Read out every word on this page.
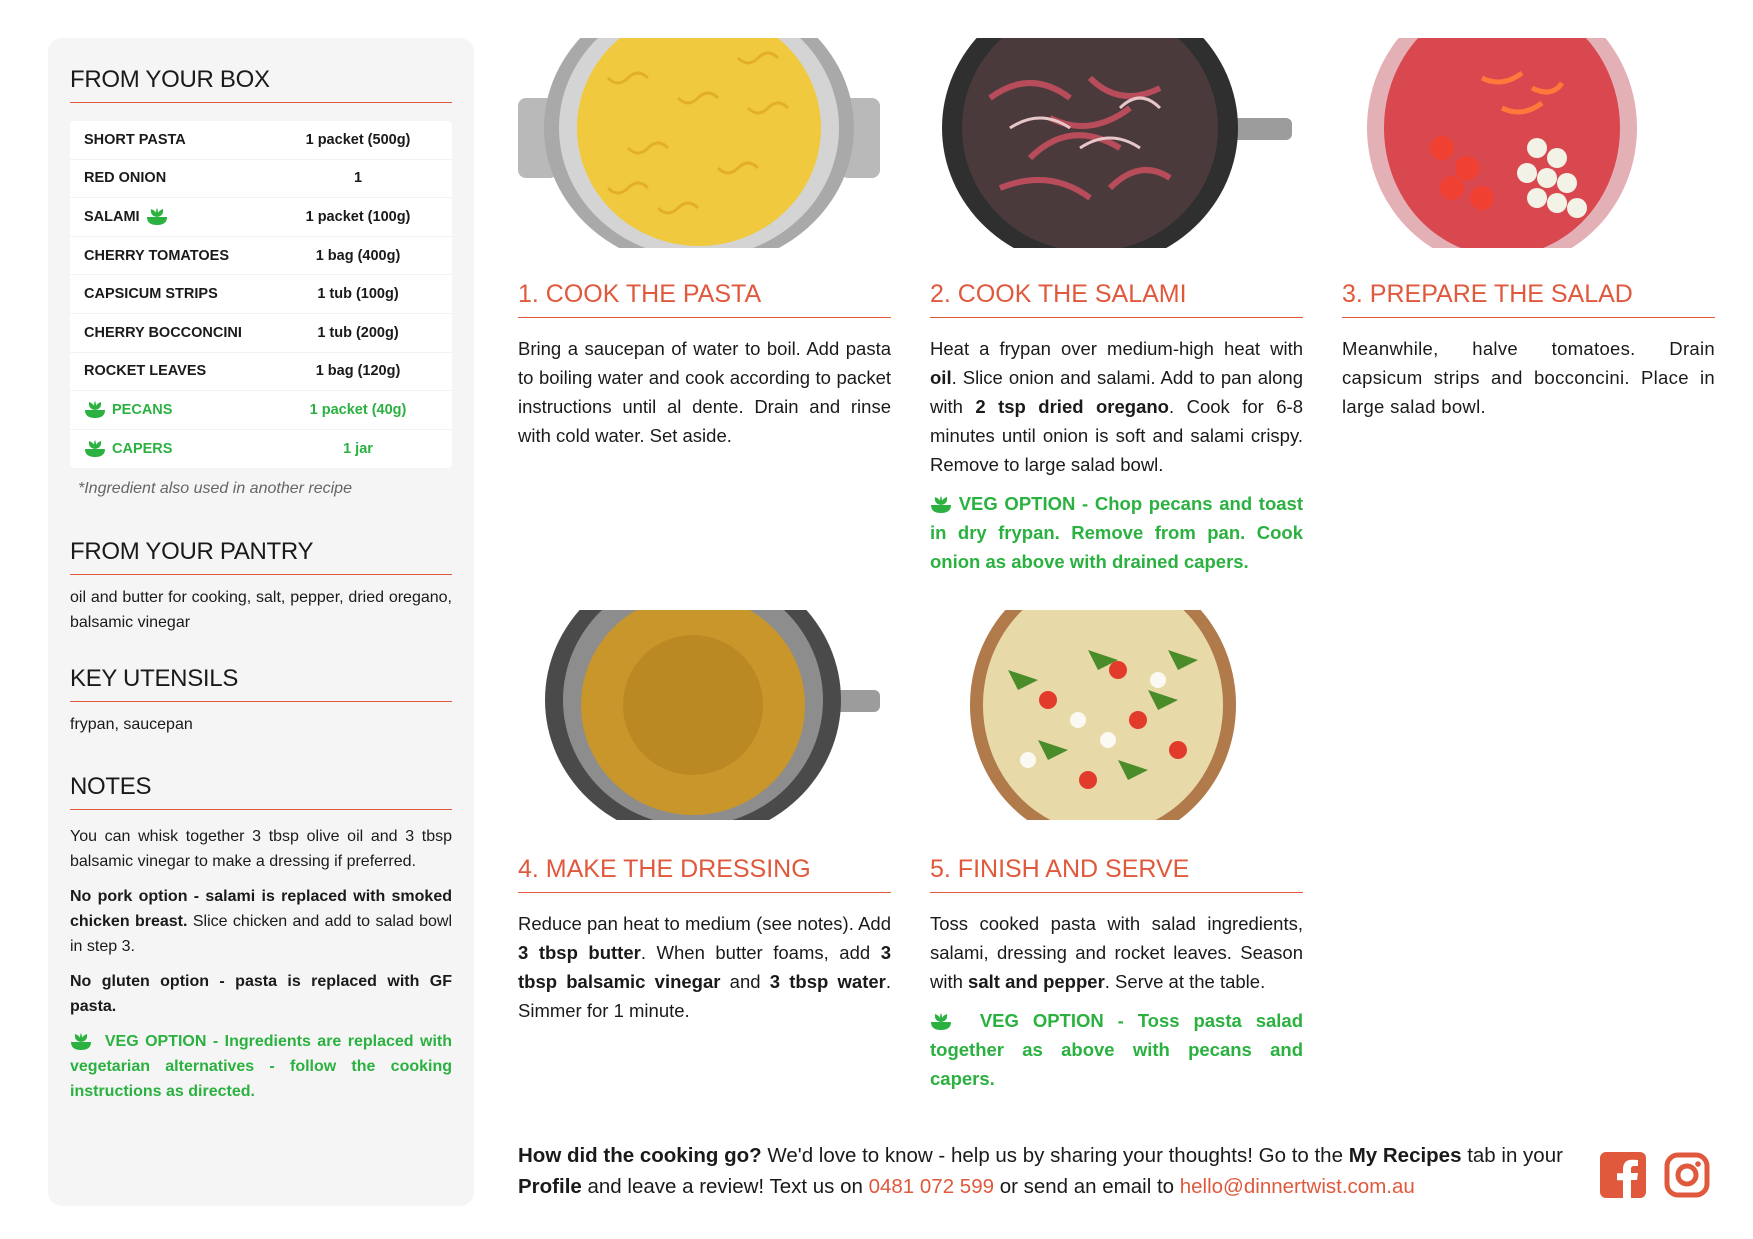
FROM YOUR BOX
SHORT PASTA	1 packet (500g)
RED ONION	1
SALAMI	1 packet (100g)
CHERRY TOMATOES	1 bag (400g)
CAPSICUM STRIPS	1 tub (100g)
CHERRY BOCCONCINI	1 tub (200g)
ROCKET LEAVES	1 bag (120g)
PECANS	1 packet (40g)
CAPERS	1 jar
*Ingredient also used in another recipe
FROM YOUR PANTRY
oil and butter for cooking, salt, pepper, dried oregano, balsamic vinegar
KEY UTENSILS
frypan, saucepan
NOTES

You can whisk together 3 tbsp olive oil and 3 tbsp balsamic vinegar to make a dressing if preferred.

No pork option - salami is replaced with smoked chicken breast. Slice chicken and add to salad bowl in step 3.

No gluten option - pasta is replaced with GF pasta.

VEG OPTION - Ingredients are replaced with vegetarian alternatives - follow the cooking instructions as directed.

1. COOK THE PASTA
Bring a saucepan of water to boil. Add pasta to boiling water and cook according to packet instructions until al dente. Drain and rinse with cold water. Set aside.
2. COOK THE SALAMI

Heat a frypan over medium-high heat with oil. Slice onion and salami. Add to pan along with 2 tsp dried oregano. Cook for 6-8 minutes until onion is soft and salami crispy. Remove to large salad bowl.

VEG OPTION - Chop pecans and toast in dry frypan. Remove from pan. Cook onion as above with drained capers.

3. PREPARE THE SALAD
Meanwhile, halve tomatoes. Drain capsicum strips and bocconcini. Place in large salad bowl.
4. MAKE THE DRESSING

Reduce pan heat to medium (see notes). Add 3 tbsp butter. When butter foams, add 3 tbsp balsamic vinegar and 3 tbsp water. Simmer for 1 minute.

5. FINISH AND SERVE

Toss cooked pasta with salad ingredients, salami, dressing and rocket leaves. Season with salt and pepper. Serve at the table.

VEG OPTION - Toss pasta salad together as above with pecans and capers.

How did the cooking go? We'd love to know - help us by sharing your thoughts! Go to the My Recipes tab in your Profile and leave a review! Text us on 0481 072 599 or send an email to hello@dinnertwist.com.au
